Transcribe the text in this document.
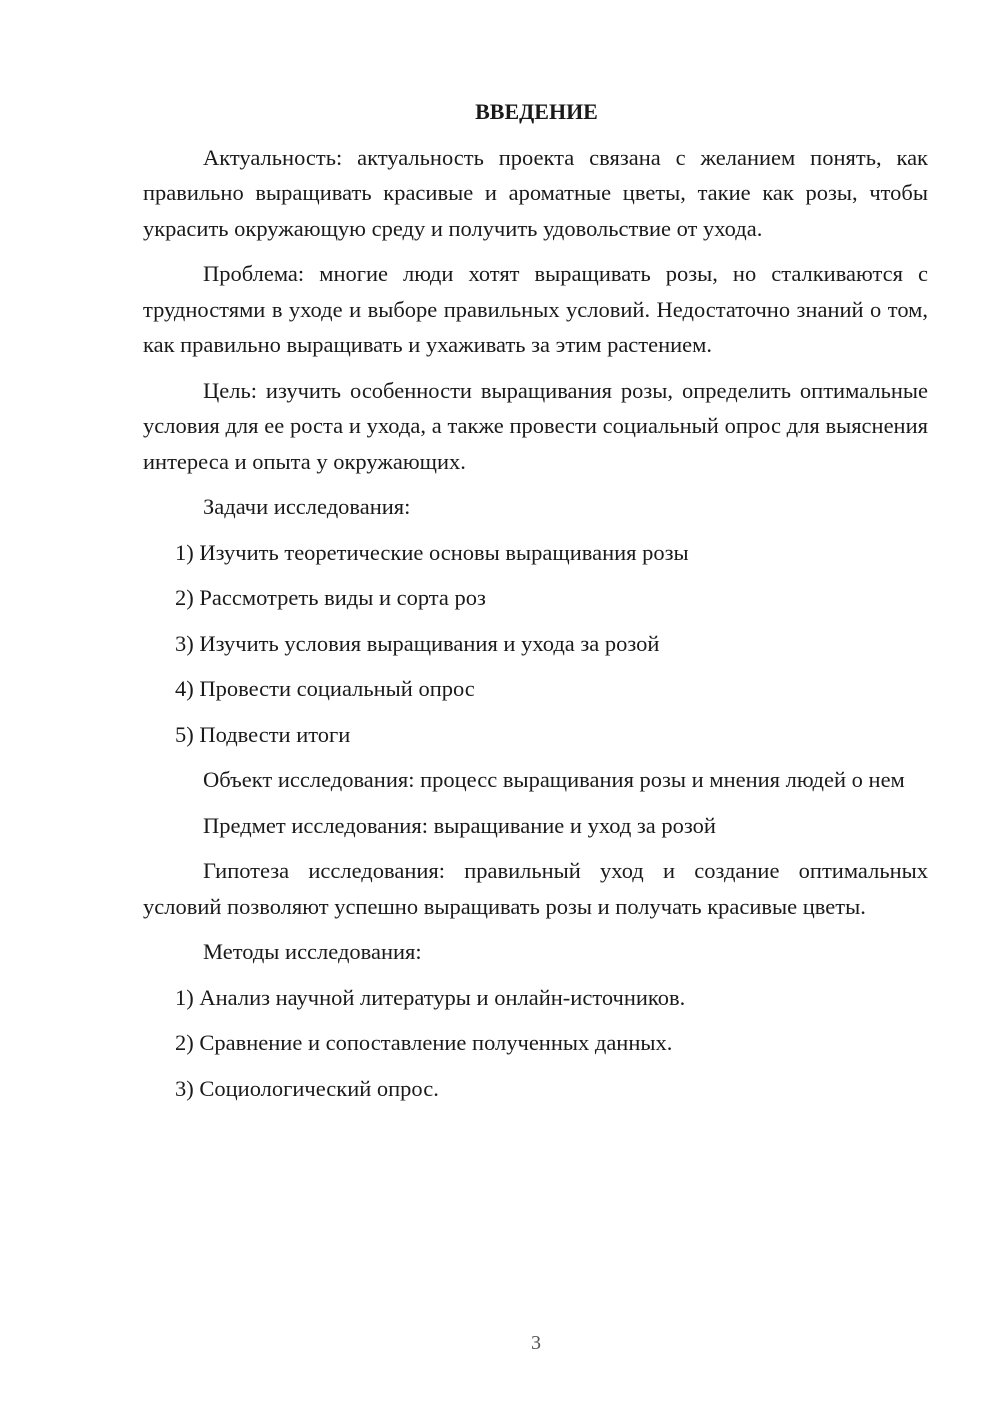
ВВЕДЕНИЕ

Актуальность: актуальность проекта связана с желанием понять, как правильно выращивать красивые и ароматные цветы, такие как розы, чтобы украсить окружающую среду и получить удовольствие от ухода.

Проблема: многие люди хотят выращивать розы, но сталкиваются с трудностями в уходе и выборе правильных условий. Недостаточно знаний о том, как правильно выращивать и ухаживать за этим растением.

Цель: изучить особенности выращивания розы, определить оптимальные условия для ее роста и ухода, а также провести социальный опрос для выяснения интереса и опыта у окружающих.

Задачи исследования:

1) Изучить теоретические основы выращивания розы
2) Рассмотреть виды и сорта роз
3) Изучить условия выращивания и ухода за розой
4) Провести социальный опрос
5) Подвести итоги

Объект исследования: процесс выращивания розы и мнения людей о нем

Предмет исследования: выращивание и уход за розой

Гипотеза исследования: правильный уход и создание оптимальных условий позволяют успешно выращивать розы и получать красивые цветы.

Методы исследования:

1) Анализ научной литературы и онлайн-источников.
2) Сравнение и сопоставление полученных данных.
3) Социологический опрос.
3
